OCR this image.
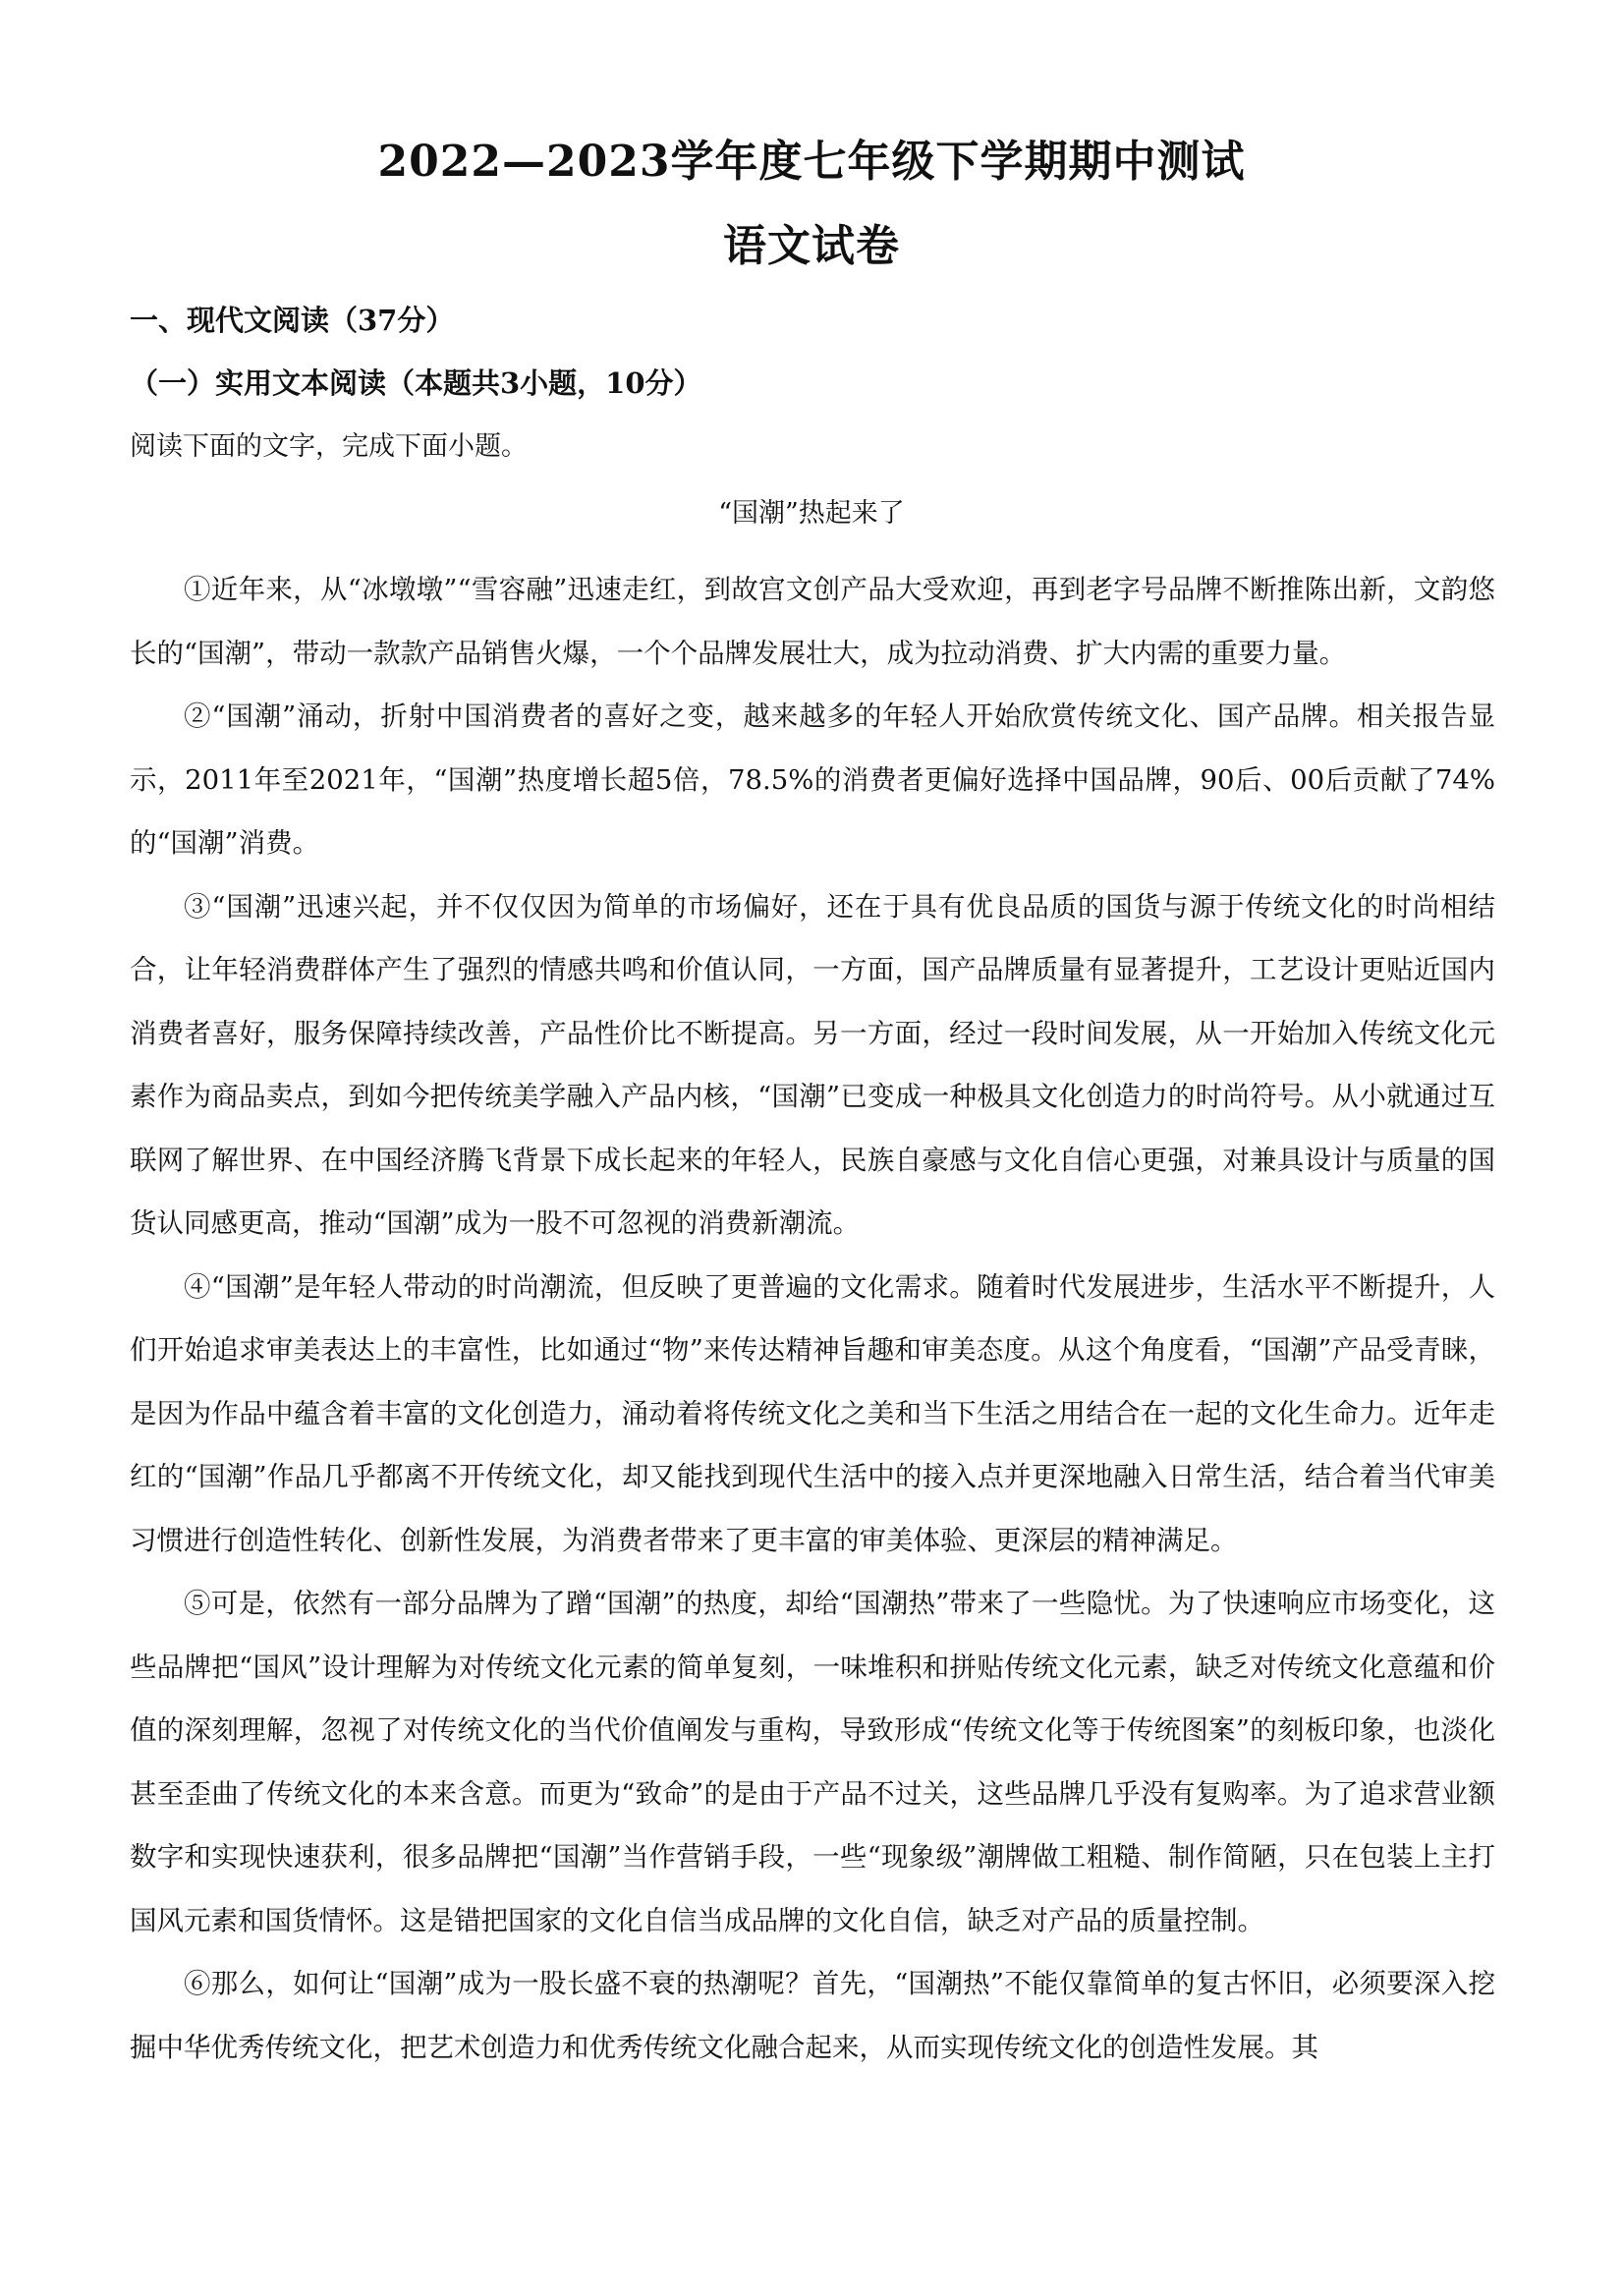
2022—2023学年度七年级下学期期中测试
语文试卷
一、现代文阅读（37分）
（一）实用文本阅读（本题共3小题，10分）
阅读下面的文字，完成下面小题。
“国潮”热起来了

①近年来，从“冰墩墩”“雪容融”迅速走红，到故宫文创产品大受欢迎，再到老字号品牌不断推陈出新，文韵悠长的“国潮”，带动一款款产品销售火爆，一个个品牌发展壮大，成为拉动消费、扩大内需的重要力量。

②“国潮”涌动，折射中国消费者的喜好之变，越来越多的年轻人开始欣赏传统文化、国产品牌。相关报告显示，2011年至2021年，“国潮”热度增长超5倍，78.5%的消费者更偏好选择中国品牌，90后、00后贡献了74%的“国潮”消费。

③“国潮”迅速兴起，并不仅仅因为简单的市场偏好，还在于具有优良品质的国货与源于传统文化的时尚相结合，让年轻消费群体产生了强烈的情感共鸣和价值认同，一方面，国产品牌质量有显著提升，工艺设计更贴近国内消费者喜好，服务保障持续改善，产品性价比不断提高。另一方面，经过一段时间发展，从一开始加入传统文化元素作为商品卖点，到如今把传统美学融入产品内核，“国潮”已变成一种极具文化创造力的时尚符号。从小就通过互联网了解世界、在中国经济腾飞背景下成长起来的年轻人，民族自豪感与文化自信心更强，对兼具设计与质量的国货认同感更高，推动“国潮”成为一股不可忽视的消费新潮流。

④“国潮”是年轻人带动的时尚潮流，但反映了更普遍的文化需求。随着时代发展进步，生活水平不断提升，人们开始追求审美表达上的丰富性，比如通过“物”来传达精神旨趣和审美态度。从这个角度看，“国潮”产品受青睐，是因为作品中蕴含着丰富的文化创造力，涌动着将传统文化之美和当下生活之用结合在一起的文化生命力。近年走红的“国潮”作品几乎都离不开传统文化，却又能找到现代生活中的接入点并更深地融入日常生活，结合着当代审美习惯进行创造性转化、创新性发展，为消费者带来了更丰富的审美体验、更深层的精神满足。

⑤可是，依然有一部分品牌为了蹭“国潮”的热度，却给“国潮热”带来了一些隐忧。为了快速响应市场变化，这些品牌把“国风”设计理解为对传统文化元素的简单复刻，一味堆积和拼贴传统文化元素，缺乏对传统文化意蕴和价值的深刻理解，忽视了对传统文化的当代价值阐发与重构，导致形成“传统文化等于传统图案”的刻板印象，也淡化甚至歪曲了传统文化的本来含意。而更为“致命”的是由于产品不过关，这些品牌几乎没有复购率。为了追求营业额数字和实现快速获利，很多品牌把“国潮”当作营销手段，一些“现象级”潮牌做工粗糙、制作简陋，只在包装上主打国风元素和国货情怀。这是错把国家的文化自信当成品牌的文化自信，缺乏对产品的质量控制。

⑥那么，如何让“国潮”成为一股长盛不衰的热潮呢？首先，“国潮热”不能仅靠简单的复古怀旧，必须要深入挖掘中华优秀传统文化，把艺术创造力和优秀传统文化融合起来，从而实现传统文化的创造性发展。其
